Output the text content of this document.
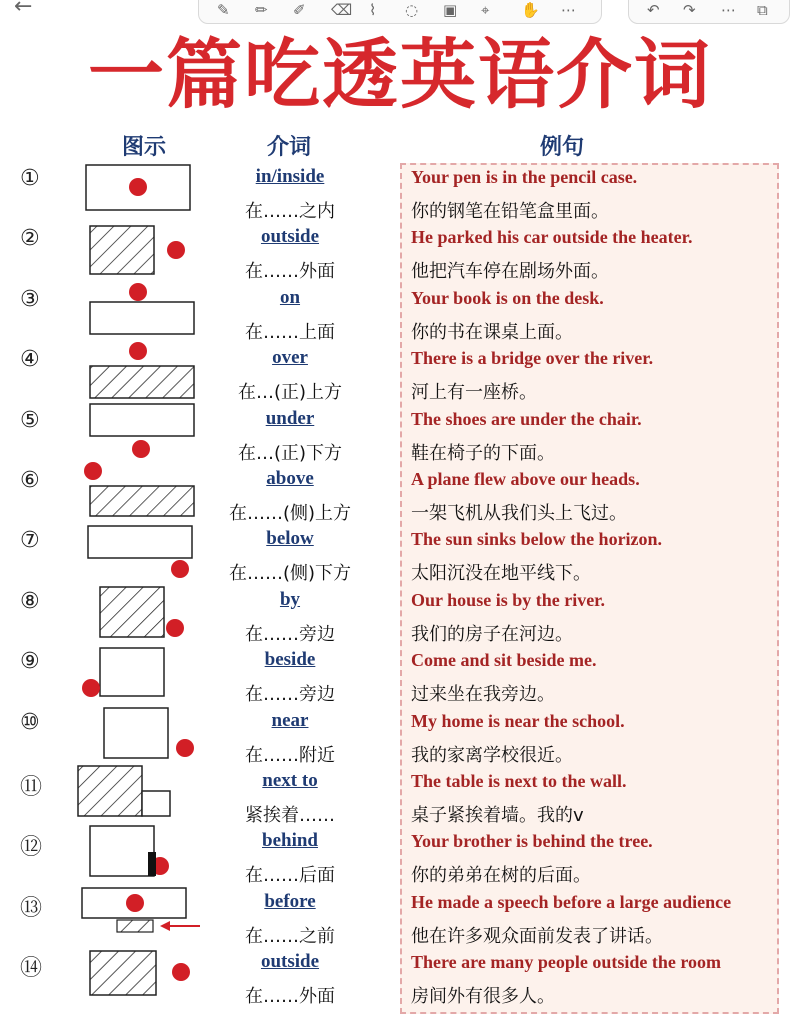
←	✎ ✏ ✐ ⌫ ⌇ ◌ ▣ ⌖ ✋ ⋯	↶ ↷ ⋯ ⧉
一篇吃透英语介词
图示	介词	例句
①	in/inside
在……之内
Your pen is in the pencil case.
你的钢笔在铅笔盒里面。
②	outside
在……外面
He parked his car outside the heater.
他把汽车停在剧场外面。
③	on
在……上面
Your book is on the desk.
你的书在课桌上面。
④	over
在…(正)上方
There is a bridge over the river.
河上有一座桥。
⑤	under
在…(正)下方
The shoes are under the chair.
鞋在椅子的下面。
⑥	above
在……(侧)上方
A plane flew above our heads.
一架飞机从我们头上飞过。
⑦	below
在……(侧)下方
The sun sinks below the horizon.
太阳沉没在地平线下。
⑧	by
在……旁边
Our house is by the river.
我们的房子在河边。
⑨	beside
在……旁边
Come and sit beside me.
过来坐在我旁边。
⑩	near
在……附近
My home is near the school.
我的家离学校很近。
⑪	next to
紧挨着……
The table is next to the wall.
桌子紧挨着墙。我的v
⑫	behind
在……后面
Your brother is behind the tree.
你的弟弟在树的后面。
⑬	before
在……之前
He made a speech before a large audience
他在许多观众面前发表了讲话。
⑭	outside
在……外面
There are many people outside the room
房间外有很多人。
